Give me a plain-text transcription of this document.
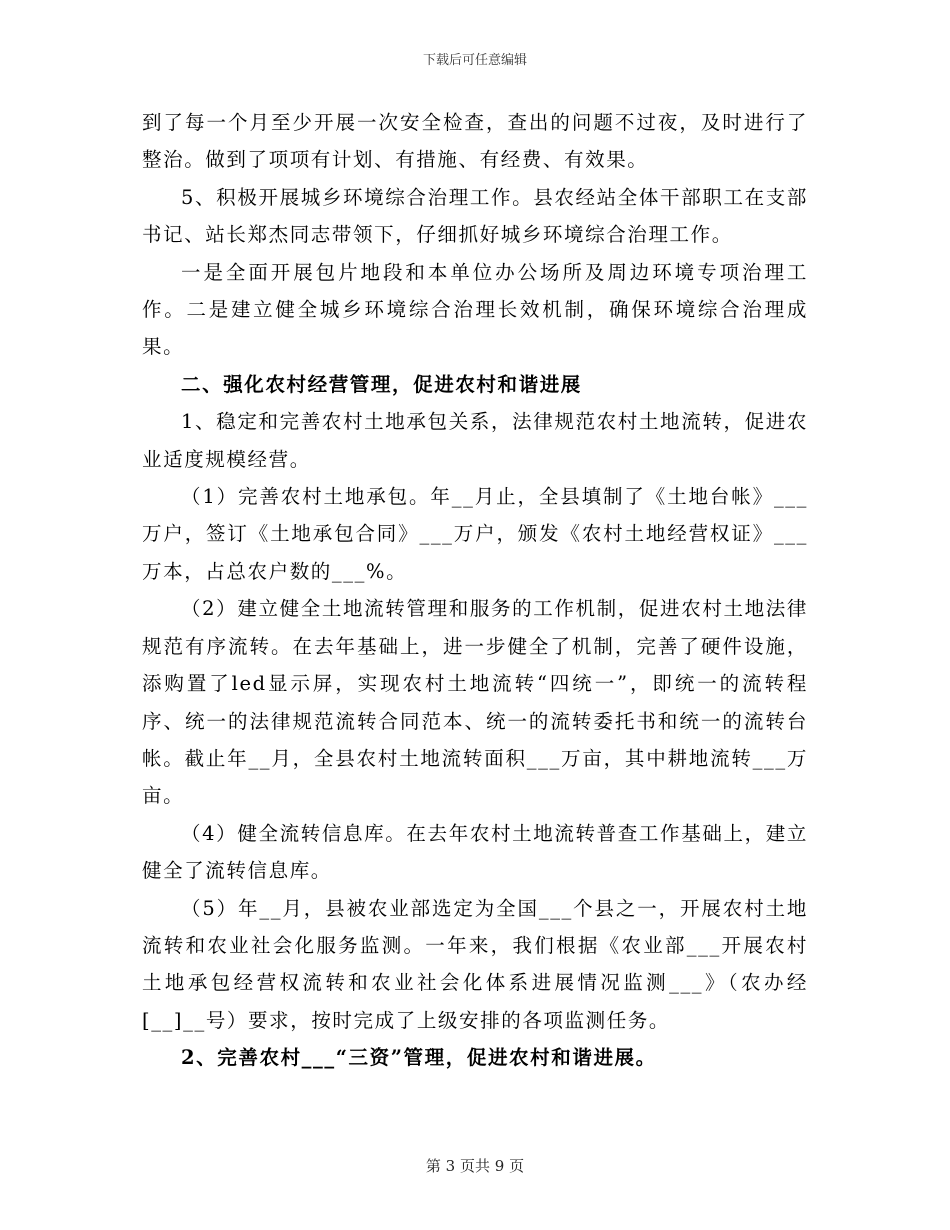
下载后可任意编辑

到了每一个月至少开展一次安全检查，查出的问题不过夜，及时进行了整治。做到了项项有计划、有措施、有经费、有效果。

5、积极开展城乡环境综合治理工作。县农经站全体干部职工在支部书记、站长郑杰同志带领下，仔细抓好城乡环境综合治理工作。

一是全面开展包片地段和本单位办公场所及周边环境专项治理工作。二是建立健全城乡环境综合治理长效机制，确保环境综合治理成果。

二、强化农村经营管理，促进农村和谐进展

1、稳定和完善农村土地承包关系，法律规范农村土地流转，促进农业适度规模经营。

（1）完善农村土地承包。年__月止，全县填制了《土地台帐》___万户，签订《土地承包合同》___万户，颁发《农村土地经营权证》___万本，占总农户数的___%。

（2）建立健全土地流转管理和服务的工作机制，促进农村土地法律规范有序流转。在去年基础上，进一步健全了机制，完善了硬件设施，添购置了led显示屏，实现农村土地流转“四统一”，即统一的流转程序、统一的法律规范流转合同范本、统一的流转委托书和统一的流转台帐。截止年__月，全县农村土地流转面积___万亩，其中耕地流转___万亩。

（4）健全流转信息库。在去年农村土地流转普查工作基础上，建立健全了流转信息库。

（5）年__月，县被农业部选定为全国___个县之一，开展农村土地流转和农业社会化服务监测。一年来，我们根据《农业部___开展农村土地承包经营权流转和农业社会化体系进展情况监测___》（农办经[__]__号）要求，按时完成了上级安排的各项监测任务。

2、完善农村___“三资”管理，促进农村和谐进展。

第 3 页共 9 页
